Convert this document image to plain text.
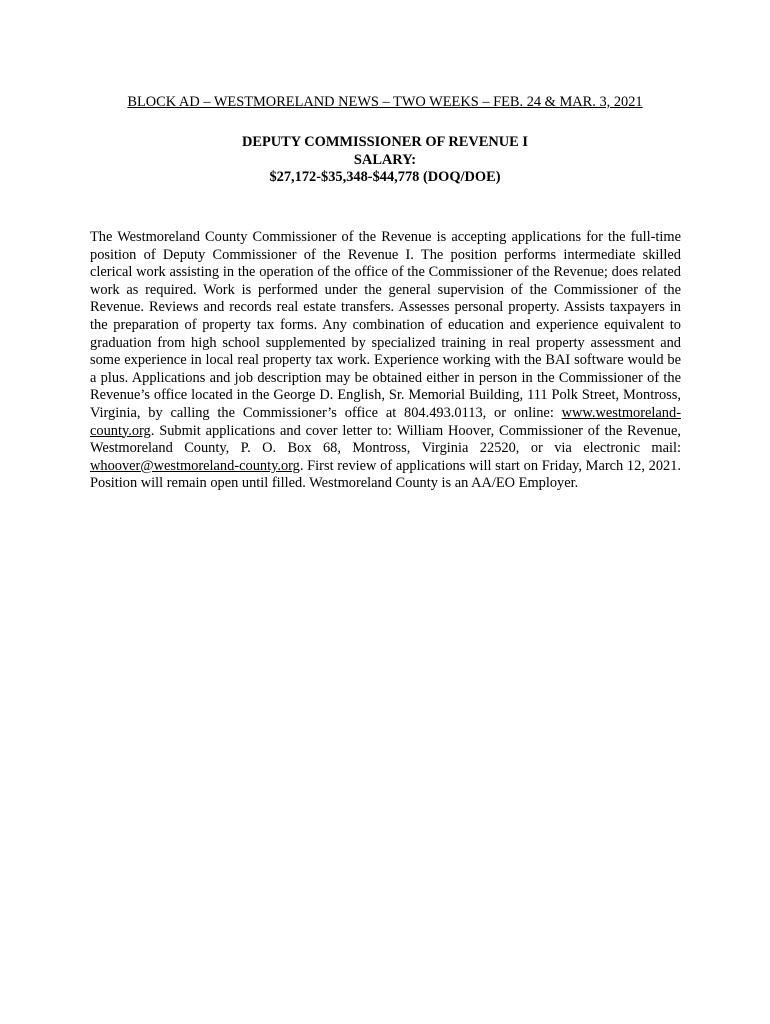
BLOCK AD – WESTMORELAND NEWS – TWO WEEKS – FEB. 24 & MAR. 3, 2021
DEPUTY COMMISSIONER OF REVENUE I
SALARY:
$27,172-$35,348-$44,778 (DOQ/DOE)
The Westmoreland County Commissioner of the Revenue is accepting applications for the full-time position of Deputy Commissioner of the Revenue I. The position performs intermediate skilled clerical work assisting in the operation of the office of the Commissioner of the Revenue; does related work as required. Work is performed under the general supervision of the Commissioner of the Revenue. Reviews and records real estate transfers. Assesses personal property. Assists taxpayers in the preparation of property tax forms. Any combination of education and experience equivalent to graduation from high school supplemented by specialized training in real property assessment and some experience in local real property tax work. Experience working with the BAI software would be a plus. Applications and job description may be obtained either in person in the Commissioner of the Revenue’s office located in the George D. English, Sr. Memorial Building, 111 Polk Street, Montross, Virginia, by calling the Commissioner’s office at 804.493.0113, or online: www.westmoreland-county.org. Submit applications and cover letter to: William Hoover, Commissioner of the Revenue, Westmoreland County, P. O. Box 68, Montross, Virginia 22520, or via electronic mail: whoover@westmoreland-county.org. First review of applications will start on Friday, March 12, 2021. Position will remain open until filled. Westmoreland County is an AA/EO Employer.
